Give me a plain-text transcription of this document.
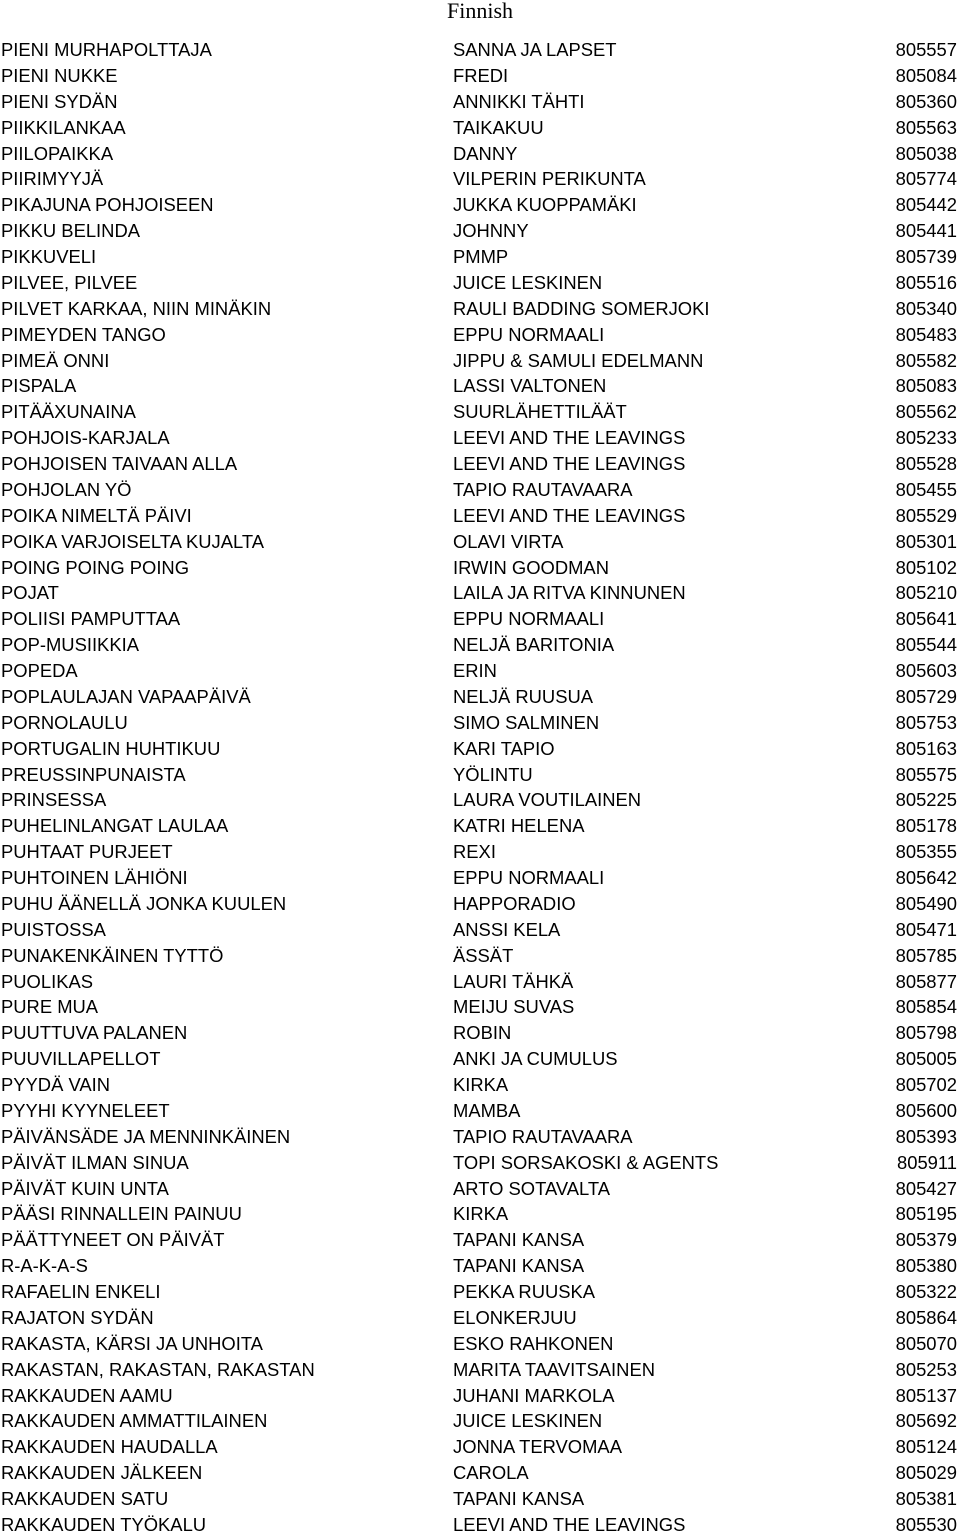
Finnish
PIENI MURHAPOLTTAJA	SANNA JA LAPSET	805557
PIENI NUKKE	FREDI	805084
PIENI SYDÄN	ANNIKKI TÄHTI	805360
PIIKKILANKAA	TAIKAKUU	805563
PIILOPAIKKA	DANNY	805038
PIIRIMYYJÄ	VILPERIN PERIKUNTA	805774
PIKAJUNA POHJOISEEN	JUKKA KUOPPAMÄKI	805442
PIKKU BELINDA	JOHNNY	805441
PIKKUVELI	PMMP	805739
PILVEE, PILVEE	JUICE LESKINEN	805516
PILVET KARKAA, NIIN MINÄKIN	RAULI BADDING SOMERJOKI	805340
PIMEYDEN TANGO	EPPU NORMAALI	805483
PIMEÄ ONNI	JIPPU & SAMULI EDELMANN	805582
PISPALA	LASSI VALTONEN	805083
PITÄÄXUNAINA	SUURLÄHETTILÄÄT	805562
POHJOIS-KARJALA	LEEVI AND THE LEAVINGS	805233
POHJOISEN TAIVAAN ALLA	LEEVI AND THE LEAVINGS	805528
POHJOLAN YÖ	TAPIO RAUTAVAARA	805455
POIKA NIMELTÄ PÄIVI	LEEVI AND THE LEAVINGS	805529
POIKA VARJOISELTA KUJALTA	OLAVI VIRTA	805301
POING POING POING	IRWIN GOODMAN	805102
POJAT	LAILA JA RITVA KINNUNEN	805210
POLIISI PAMPUTTAA	EPPU NORMAALI	805641
POP-MUSIIKKIA	NELJÄ BARITONIA	805544
POPEDA	ERIN	805603
POPLAULAJAN VAPAAPÄIVÄ	NELJÄ RUUSUA	805729
PORNOLAULU	SIMO SALMINEN	805753
PORTUGALIN HUHTIKUU	KARI TAPIO	805163
PREUSSINPUNAISTA	YÖLINTU	805575
PRINSESSA	LAURA VOUTILAINEN	805225
PUHELINLANGAT LAULAA	KATRI HELENA	805178
PUHTAAT PURJEET	REXI	805355
PUHTOINEN LÄHIÖNI	EPPU NORMAALI	805642
PUHU ÄÄNELLÄ JONKA KUULEN	HAPPORADIO	805490
PUISTOSSA	ANSSI KELA	805471
PUNAKENKÄINEN TYTTÖ	ÄSSÄT	805785
PUOLIKAS	LAURI TÄHKÄ	805877
PURE MUA	MEIJU SUVAS	805854
PUUTTUVA PALANEN	ROBIN	805798
PUUVILLAPELLOT	ANKI JA CUMULUS	805005
PYYDÄ VAIN	KIRKA	805702
PYYHI KYYNELEET	MAMBA	805600
PÄIVÄNSÄDE JA MENNINKÄINEN	TAPIO RAUTAVAARA	805393
PÄIVÄT ILMAN SINUA	TOPI SORSAKOSKI & AGENTS	805911
PÄIVÄT KUIN UNTA	ARTO SOTAVALTA	805427
PÄÄSI RINNALLEIN PAINUU	KIRKA	805195
PÄÄTTYNEET ON PÄIVÄT	TAPANI KANSA	805379
R-A-K-A-S	TAPANI KANSA	805380
RAFAELIN ENKELI	PEKKA RUUSKA	805322
RAJATON SYDÄN	ELONKERJUU	805864
RAKASTA, KÄRSI JA UNHOITA	ESKO RAHKONEN	805070
RAKASTAN, RAKASTAN, RAKASTAN	MARITA TAAVITSAINEN	805253
RAKKAUDEN AAMU	JUHANI MARKOLA	805137
RAKKAUDEN AMMATTILAINEN	JUICE LESKINEN	805692
RAKKAUDEN HAUDALLA	JONNA TERVOMAA	805124
RAKKAUDEN JÄLKEEN	CAROLA	805029
RAKKAUDEN SATU	TAPANI KANSA	805381
RAKKAUDEN TYÖKALU	LEEVI AND THE LEAVINGS	805530
